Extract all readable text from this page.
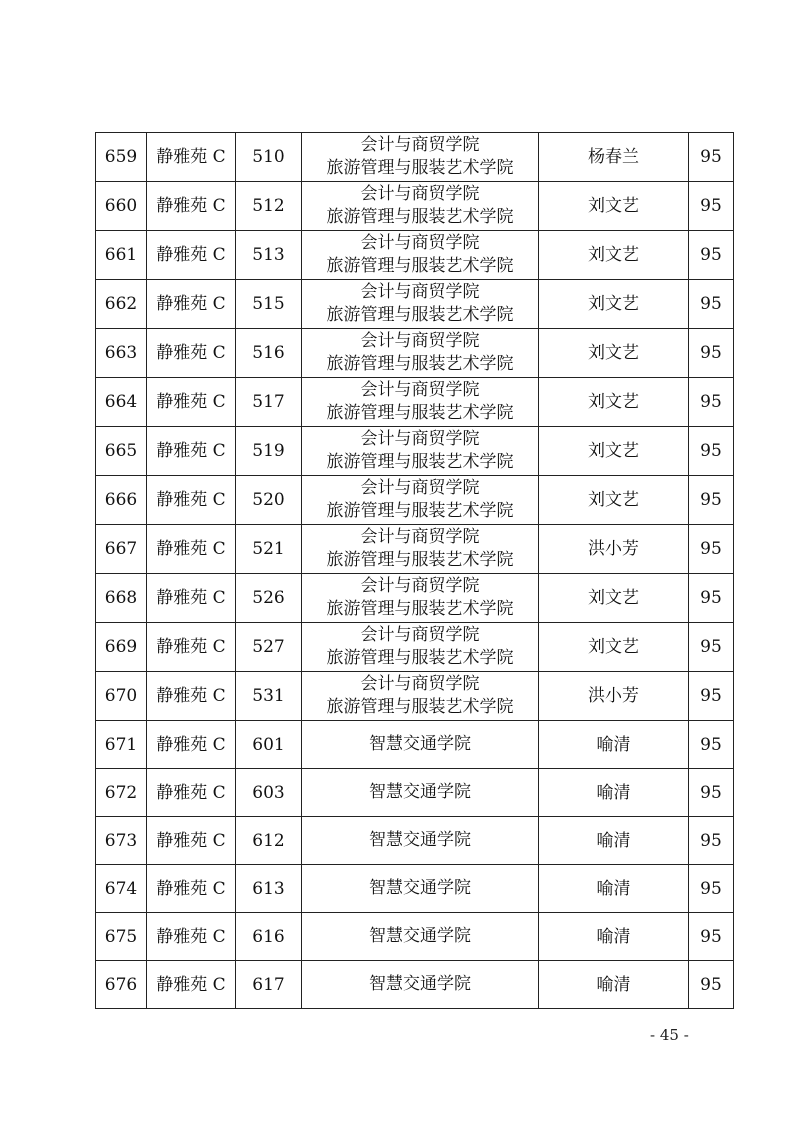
659	静雅苑 C	510	会计与商贸学院
旅游管理与服装艺术学院	杨春兰	95
660	静雅苑 C	512	会计与商贸学院
旅游管理与服装艺术学院	刘文艺	95
661	静雅苑 C	513	会计与商贸学院
旅游管理与服装艺术学院	刘文艺	95
662	静雅苑 C	515	会计与商贸学院
旅游管理与服装艺术学院	刘文艺	95
663	静雅苑 C	516	会计与商贸学院
旅游管理与服装艺术学院	刘文艺	95
664	静雅苑 C	517	会计与商贸学院
旅游管理与服装艺术学院	刘文艺	95
665	静雅苑 C	519	会计与商贸学院
旅游管理与服装艺术学院	刘文艺	95
666	静雅苑 C	520	会计与商贸学院
旅游管理与服装艺术学院	刘文艺	95
667	静雅苑 C	521	会计与商贸学院
旅游管理与服装艺术学院	洪小芳	95
668	静雅苑 C	526	会计与商贸学院
旅游管理与服装艺术学院	刘文艺	95
669	静雅苑 C	527	会计与商贸学院
旅游管理与服装艺术学院	刘文艺	95
670	静雅苑 C	531	会计与商贸学院
旅游管理与服装艺术学院	洪小芳	95
671	静雅苑 C	601	智慧交通学院	喻清	95
672	静雅苑 C	603	智慧交通学院	喻清	95
673	静雅苑 C	612	智慧交通学院	喻清	95
674	静雅苑 C	613	智慧交通学院	喻清	95
675	静雅苑 C	616	智慧交通学院	喻清	95
676	静雅苑 C	617	智慧交通学院	喻清	95
- 45 -
